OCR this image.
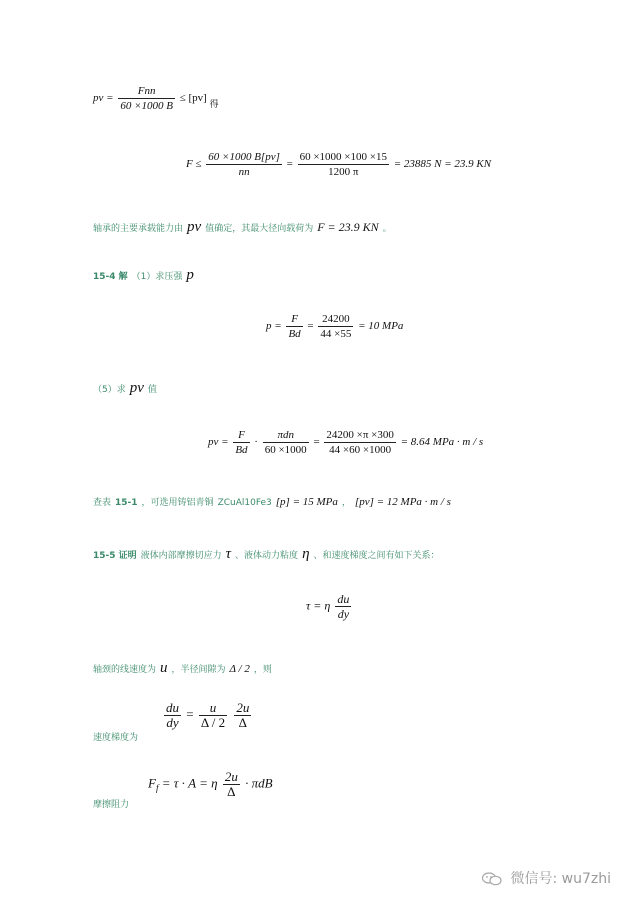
pv = $\frac{\text{Fnn}}{60 \times 1000 B} \le [pv]$ $_得$
$F \le \frac{60 \times 1000 B[pv]}{nn} = \frac{60 \times 1000 \times 100 \times 15}{1200 \pi} = 23885$ N = 23.9 KN
轴承的主要承载能力由 pv 值确定，其最大径向载荷为 F = 23.9 KN 。
15-4 解 （1）求压强 p
$p = \frac{F}{Bd} = \frac{24200}{44 \times 55} = 10$ MPa
（5）求 pv 值
pv = $\frac{F}{Bd} \cdot \frac{\text{πdn}}{60 \times 1000} = \frac{24200 \times\pi \times 300}{44 \times 60 \times 1000} = 8.64$ MPa · m / s
查表 15-1 ，可选用铸铝青铜 ZCuAl10Fe3 [p] = 15 MPa ， [pv] = 12 MPa · m / s
15-5 证明 液体内部摩擦切应力 τ 、液体动力粘度 η 、和速度梯度之间有如下关系：
τ = η $\frac{du}{dy}$
轴颈的线速度为 u ，半径间隙为 Δ / 2 ，则
$\frac{du}{dy} = \frac{u}{\Delta / 2}$
$\frac{2u}{\Delta}$
速度梯度为
$F_f = \tau \cdot A = \eta \frac{2u}{\Delta} \cdot \pi dB$
摩擦阻力
微信号: wu7zhi
